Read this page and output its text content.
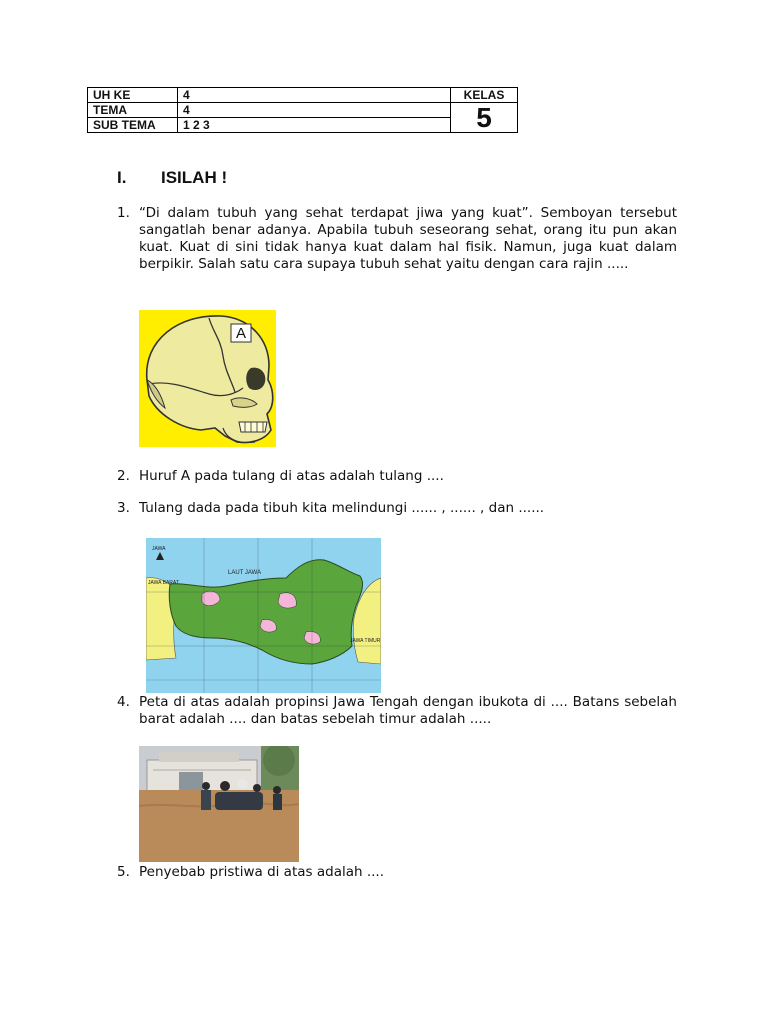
UH KE	4	KELAS
TEMA	4	5
SUB TEMA	1 2 3	
I. ISILAH !
1. “Di dalam tubuh yang sehat terdapat jiwa yang kuat”. Semboyan tersebut sangatlah benar adanya. Apabila tubuh seseorang sehat, orang itu pun akan kuat. Kuat di sini tidak hanya kuat dalam hal fisik. Namun, juga kuat dalam berpikir. Salah satu cara supaya tubuh sehat yaitu dengan cara rajin .....
A
2. Huruf A pada tulang di atas adalah tulang ....
3. Tulang dada pada tibuh kita melindungi ...... , ...... , dan ......
JAWA
LAUT JAWA
JAWA BARAT
JAWA TIMUR
4. Peta di atas adalah propinsi Jawa Tengah dengan ibukota di .... Batans sebelah barat adalah .... dan batas sebelah timur adalah .....
5. Penyebab pristiwa di atas adalah ....
